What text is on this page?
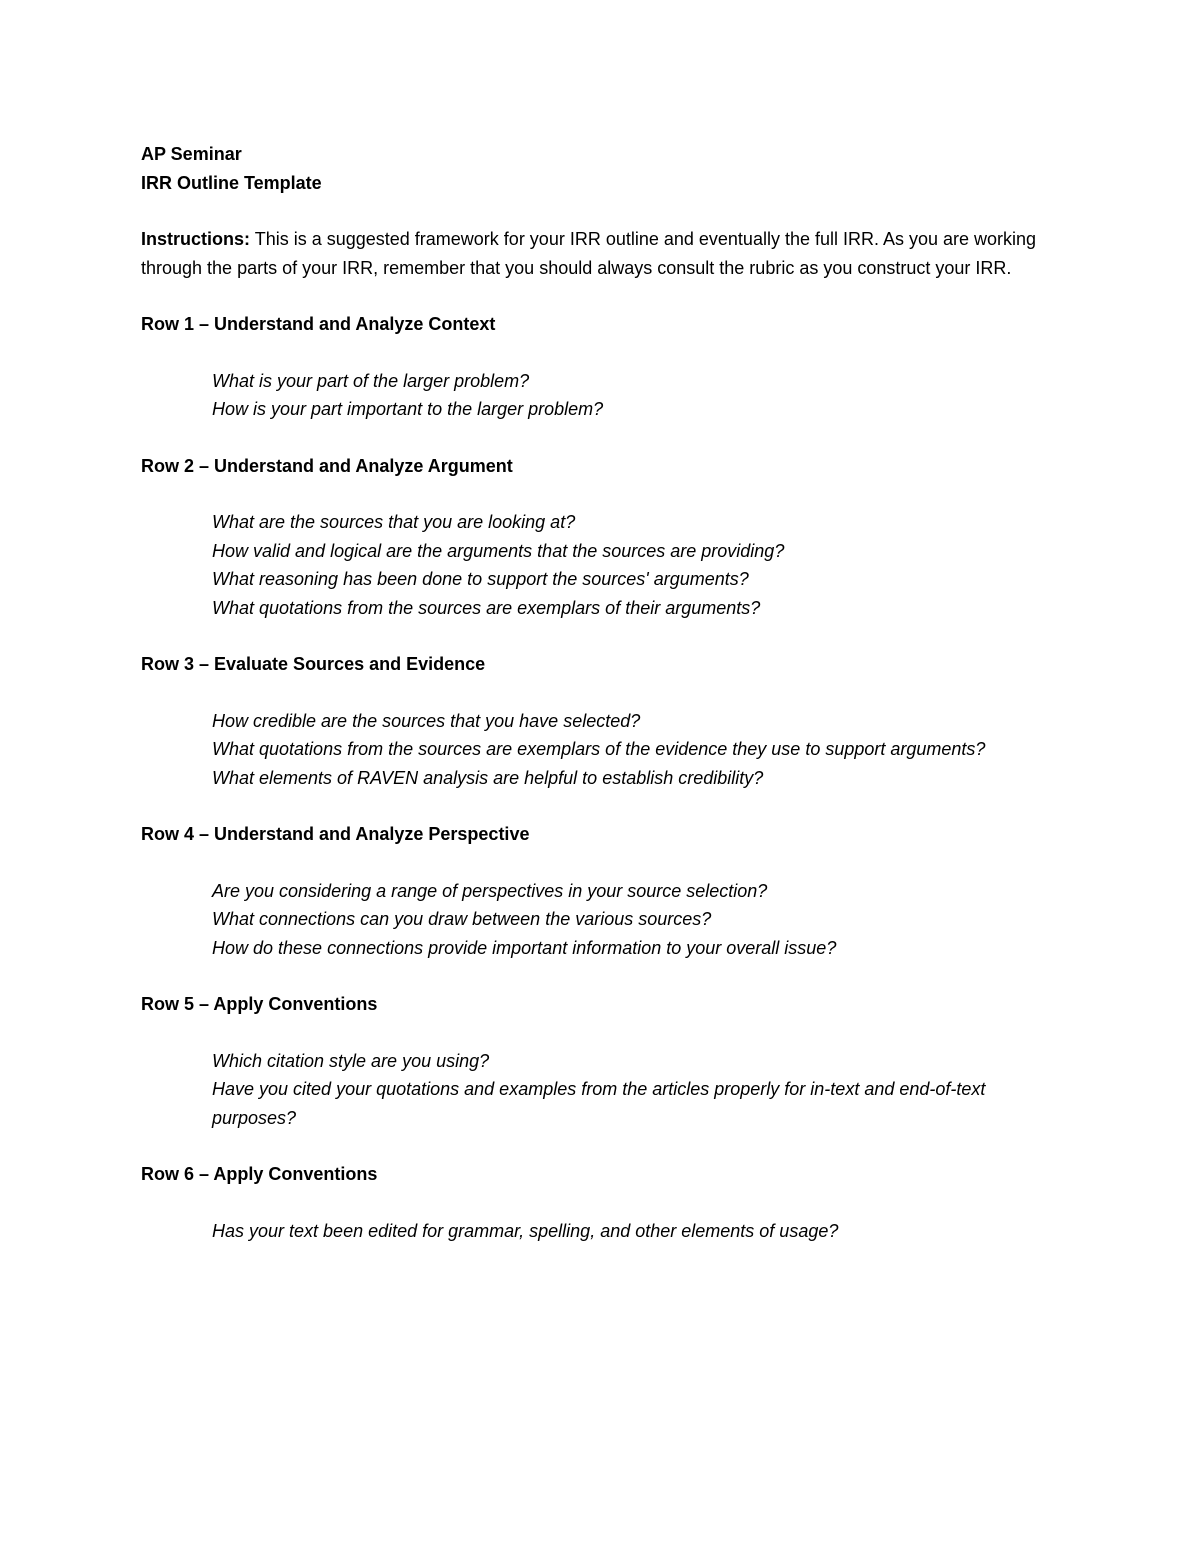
AP Seminar
IRR Outline Template
Instructions: This is a suggested framework for your IRR outline and eventually the full IRR. As you are working through the parts of your IRR, remember that you should always consult the rubric as you construct your IRR.
Row 1 – Understand and Analyze Context
What is your part of the larger problem?
How is your part important to the larger problem?
Row 2 – Understand and Analyze Argument
What are the sources that you are looking at?
How valid and logical are the arguments that the sources are providing?
What reasoning has been done to support the sources' arguments?
What quotations from the sources are exemplars of their arguments?
Row 3 – Evaluate Sources and Evidence
How credible are the sources that you have selected?
What quotations from the sources are exemplars of the evidence they use to support arguments?
What elements of RAVEN analysis are helpful to establish credibility?
Row 4 – Understand and Analyze Perspective
Are you considering a range of perspectives in your source selection?
What connections can you draw between the various sources?
How do these connections provide important information to your overall issue?
Row 5 – Apply Conventions
Which citation style are you using?
Have you cited your quotations and examples from the articles properly for in-text and end-of-text purposes?
Row 6 – Apply Conventions
Has your text been edited for grammar, spelling, and other elements of usage?
